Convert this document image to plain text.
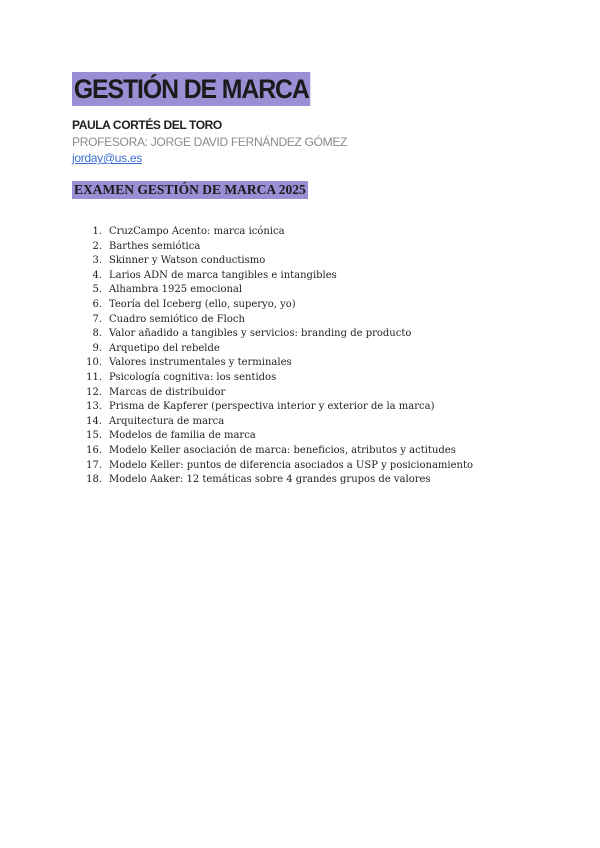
GESTIÓN DE MARCA
PAULA CORTÉS DEL TORO
PROFESORA: JORGE DAVID FERNÁNDEZ GÓMEZ
jorday@us.es
EXAMEN GESTIÓN DE MARCA 2025
1. CruzCampo Acento: marca icónica
2. Barthes semiótica
3. Skinner y Watson conductismo
4. Larios ADN de marca tangibles e intangibles
5. Alhambra 1925 emocional
6. Teoría del Iceberg (ello, superyo, yo)
7. Cuadro semiótico de Floch
8. Valor añadido a tangibles y servicios: branding de producto
9. Arquetipo del rebelde
10. Valores instrumentales y terminales
11. Psicología cognitiva: los sentidos
12. Marcas de distribuidor
13. Prisma de Kapferer (perspectiva interior y exterior de la marca)
14. Arquitectura de marca
15. Modelos de familia de marca
16. Modelo Keller asociación de marca: beneficios, atributos y actitudes
17. Modelo Keller: puntos de diferencia asociados a USP y posicionamiento
18. Modelo Aaker: 12 temáticas sobre 4 grandes grupos de valores
